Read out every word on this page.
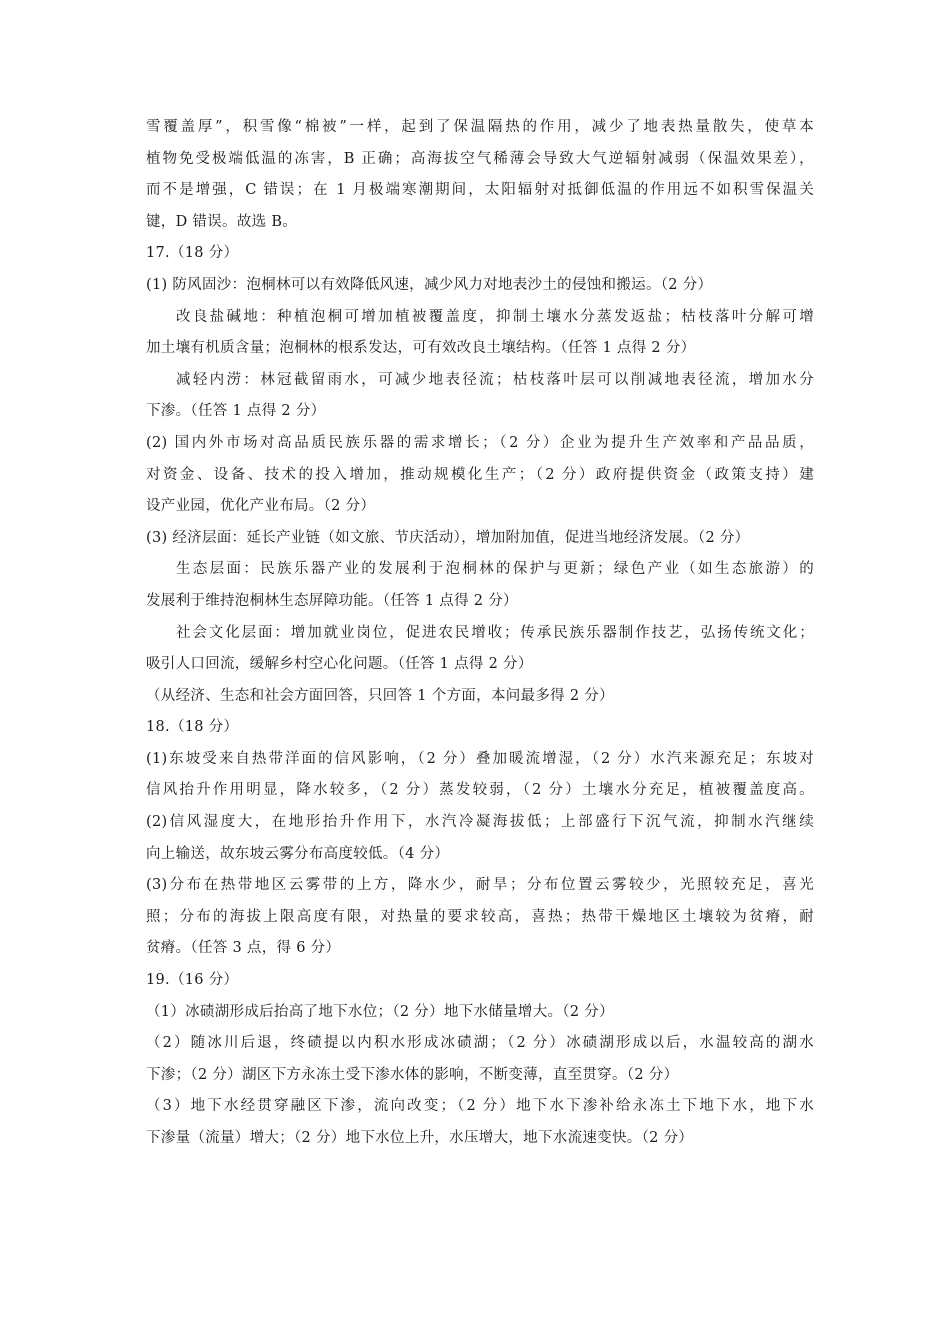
雪覆盖厚”，积雪像“棉被”一样，起到了保温隔热的作用，减少了地表热量散失，使草本
植物免受极端低温的冻害，B 正确；高海拔空气稀薄会导致大气逆辐射减弱（保温效果差），
而不是增强，C 错误；在 1 月极端寒潮期间，太阳辐射对抵御低温的作用远不如积雪保温关
键，D 错误。故选 B。
17.（18 分）
(1) 防风固沙：泡桐林可以有效降低风速，减少风力对地表沙土的侵蚀和搬运。（2 分）
改良盐碱地：种植泡桐可增加植被覆盖度，抑制土壤水分蒸发返盐；枯枝落叶分解可增
加土壤有机质含量；泡桐林的根系发达，可有效改良土壤结构。（任答 1 点得 2 分）
减轻内涝：林冠截留雨水，可减少地表径流；枯枝落叶层可以削减地表径流，增加水分
下渗。（任答 1 点得 2 分）
(2) 国内外市场对高品质民族乐器的需求增长；（2 分）企业为提升生产效率和产品品质，
对资金、设备、技术的投入增加，推动规模化生产；（2 分）政府提供资金（政策支持）建
设产业园，优化产业布局。（2 分）
(3) 经济层面：延长产业链（如文旅、节庆活动），增加附加值，促进当地经济发展。（2 分）
生态层面：民族乐器产业的发展利于泡桐林的保护与更新；绿色产业（如生态旅游）的
发展利于维持泡桐林生态屏障功能。（任答 1 点得 2 分）
社会文化层面：增加就业岗位，促进农民增收；传承民族乐器制作技艺，弘扬传统文化；
吸引人口回流，缓解乡村空心化问题。（任答 1 点得 2 分）
（从经济、生态和社会方面回答，只回答 1 个方面，本问最多得 2 分）
18.（18 分）
(1)东坡受来自热带洋面的信风影响，（2 分）叠加暖流增湿，（2 分）水汽来源充足；东坡对
信风抬升作用明显，降水较多，（2 分）蒸发较弱，（2 分）土壤水分充足，植被覆盖度高。
(2)信风湿度大，在地形抬升作用下，水汽冷凝海拔低；上部盛行下沉气流，抑制水汽继续
向上输送，故东坡云雾分布高度较低。（4 分）
(3)分布在热带地区云雾带的上方，降水少，耐旱；分布位置云雾较少，光照较充足，喜光
照；分布的海拔上限高度有限，对热量的要求较高，喜热；热带干燥地区土壤较为贫瘠，耐
贫瘠。（任答 3 点，得 6 分）
19.（16 分）
（1）冰碛湖形成后抬高了地下水位；（2 分）地下水储量增大。（2 分）
（2）随冰川后退，终碛提以内积水形成冰碛湖；（2 分）冰碛湖形成以后，水温较高的湖水
下渗；（2 分）湖区下方永冻土受下渗水体的影响，不断变薄，直至贯穿。（2 分）
（3）地下水经贯穿融区下渗，流向改变；（2 分）地下水下渗补给永冻土下地下水，地下水
下渗量（流量）增大；（2 分）地下水位上升，水压增大，地下水流速变快。（2 分）
